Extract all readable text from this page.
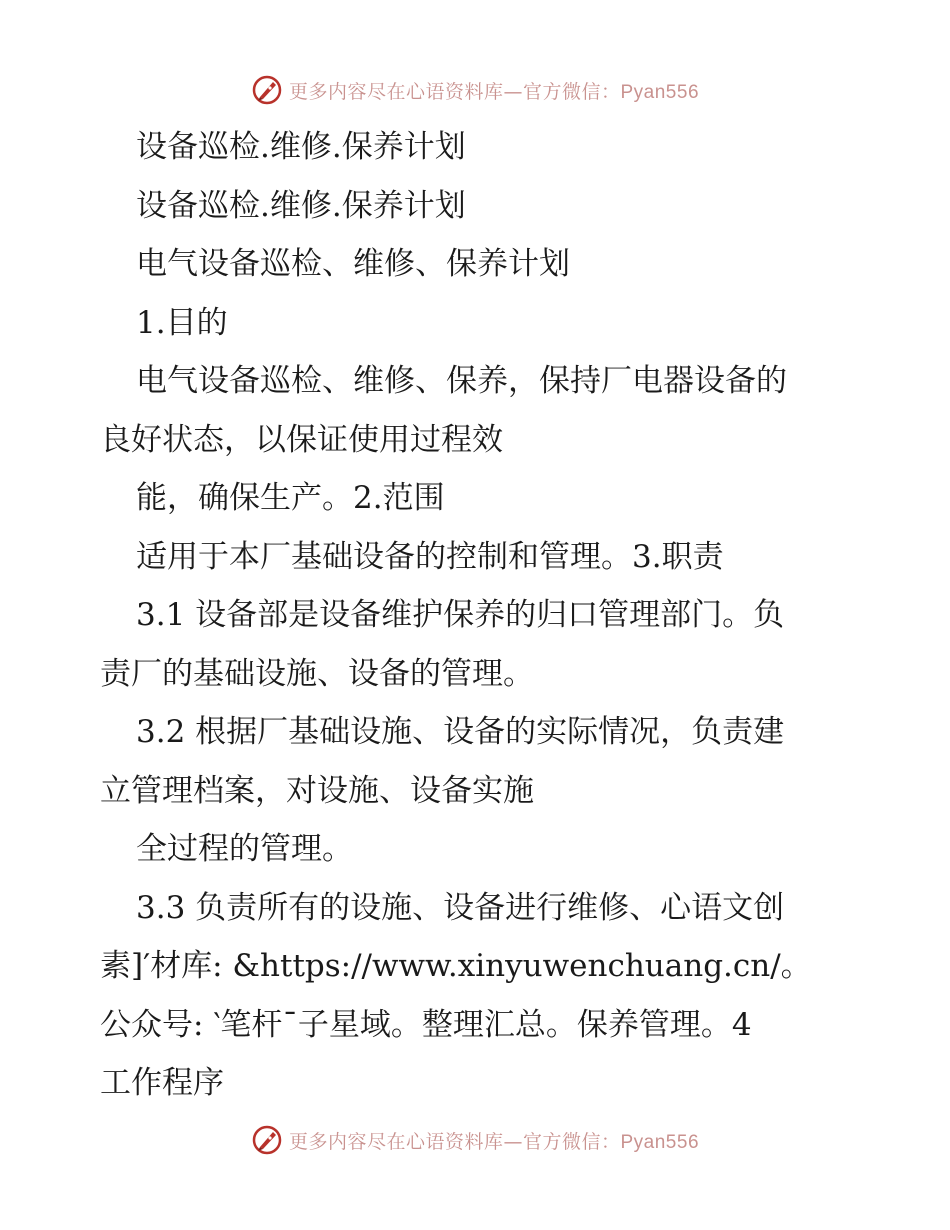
更多内容尽在心语资料库—官方微信：Pyan556
设备巡检.维修.保养计划
设备巡检.维修.保养计划
电气设备巡检、维修、保养计划
1.目的
电气设备巡检、维修、保养，保持厂电器设备的
良好状态，以保证使用过程效
能，确保生产。2.范围
适用于本厂基础设备的控制和管理。3.职责
3.1 设备部是设备维护保养的归口管理部门。负
责厂的基础设施、设备的管理。
3.2 根据厂基础设施、设备的实际情况，负责建
立管理档案，对设施、设备实施
全过程的管理。
3.3 负责所有的设施、设备进行维修、心语文创
素]′材库: &https://www.xinyuwenchuang.cn/。
公众号: ‵笔杆¯子星域。整理汇总。保养管理。4
工作程序
更多内容尽在心语资料库—官方微信：Pyan556
